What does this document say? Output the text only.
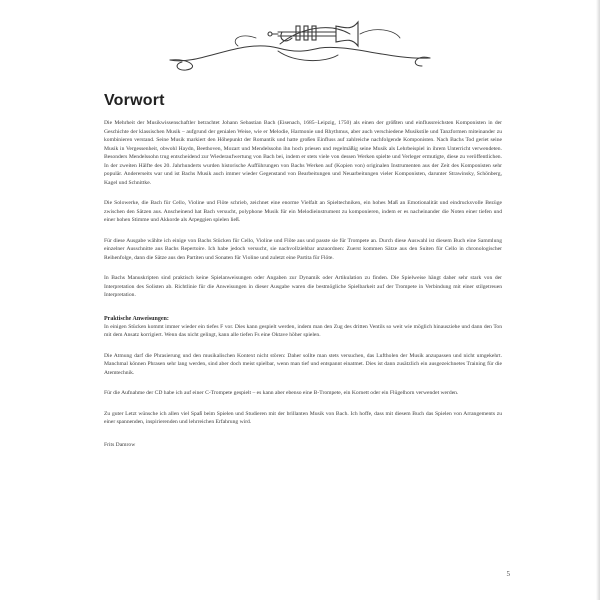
Vorwort

Die Mehrheit der Musikwissenschaftler betrachtet Johann Sebastian Bach (Eisenach, 1685–Leipzig, 1750) als einen der größten und einflussreichsten Komponisten in der Geschichte der klassischen Musik – aufgrund der genialen Weise, wie er Melodie, Harmonie und Rhythmus, aber auch verschiedene Musikstile und Tanzformen miteinander zu kombinieren verstand. Seine Musik markiert den Höhepunkt der Romantik und hatte großen Einfluss auf zahlreiche nachfolgende Komponisten. Nach Bachs Tod geriet seine Musik in Vergessenheit, obwohl Haydn, Beethoven, Mozart und Mendelssohn ihn hoch priesen und regelmäßig seine Musik als Lehrbeispiel in ihrem Unterricht verwendeten. Besonders Mendelssohn trug entscheidend zur Wiederaufwertung von Bach bei, indem er stets viele von dessen Werken spielte und Verleger ermutigte, diese zu veröffentlichen. In der zweiten Hälfte des 20. Jahrhunderts wurden historische Aufführungen von Bachs Werken auf (Kopien von) originalen Instrumenten aus der Zeit des Komponisten sehr populär. Andererseits war und ist Bachs Musik auch immer wieder Gegenstand von Bearbeitungen und Neuarbeitungen vieler Komponisten, darunter Strawinsky, Schönberg, Kagel und Schnittke.

Die Solowerke, die Bach für Cello, Violine und Flöte schrieb, zeichnet eine enorme Vielfalt an Spieltechniken, ein hohes Maß an Emotionalität und eindrucksvolle Bezüge zwischen den Sätzen aus. Anscheinend hat Bach versucht, polyphone Musik für ein Melodieinstrument zu komponieren, indem er es nacheinander die Noten einer tiefen und einer hohen Stimme und Akkorde als Arpeggien spielen ließ.

Für diese Ausgabe wählte ich einige von Bachs Stücken für Cello, Violine und Flöte aus und passte sie für Trompete an. Durch diese Auswahl ist diesem Buch eine Sammlung einzelner Ausschnitte aus Bachs Repertoire. Ich habe jedoch versucht, sie nachvollziehbar anzuordnen: Zuerst kommen Sätze aus den Suiten für Cello in chronologischer Reihenfolge, dann die Sätze aus den Partiten und Sonaten für Violine und zuletzt eine Partita für Flöte.

In Bachs Manuskripten sind praktisch keine Spielanweisungen oder Angaben zur Dynamik oder Artikulation zu finden. Die Spielweise hängt daher sehr stark von der Interpretation des Solisten ab. Richtlinie für die Anweisungen in dieser Ausgabe waren die bestmögliche Spielbarkeit auf der Trompete in Verbindung mit einer stilgetreuen Interpretation.

Praktische Anweisungen:

In einigen Stücken kommt immer wieder ein tiefes F vor. Dies kann gespielt werden, indem man den Zug des dritten Ventils so weit wie möglich hinausziehe und dann den Ton mit dem Ansatz korrigiert. Wenn das nicht gelingt, kann alle tiefen Fs eine Oktave höher spielen.

Die Atmung darf die Phrasierung und den musikalischen Kontext nicht stören: Daher sollte man stets versuchen, das Luftholen der Musik anzupassen und nicht umgekehrt. Manchmal können Phrasen sehr lang werden, sind aber doch meist spielbar, wenn man tief und entspannt einatmet. Dies ist dann zusätzlich ein ausgezeichnetes Training für die Atemtechnik.

Für die Aufnahme der CD habe ich auf einer C-Trompete gespielt – es kann aber ebenso eine B-Trompete, ein Kornett oder ein Flügelhorn verwendet werden.

Zu guter Letzt wünsche ich allen viel Spaß beim Spielen und Studieren mit der brillanten Musik von Bach. Ich hoffe, dass mit diesem Buch das Spielen von Arrangements zu einer spannenden, inspirierenden und lehrreichen Erfahrung wird.

Frits Damrow

5
